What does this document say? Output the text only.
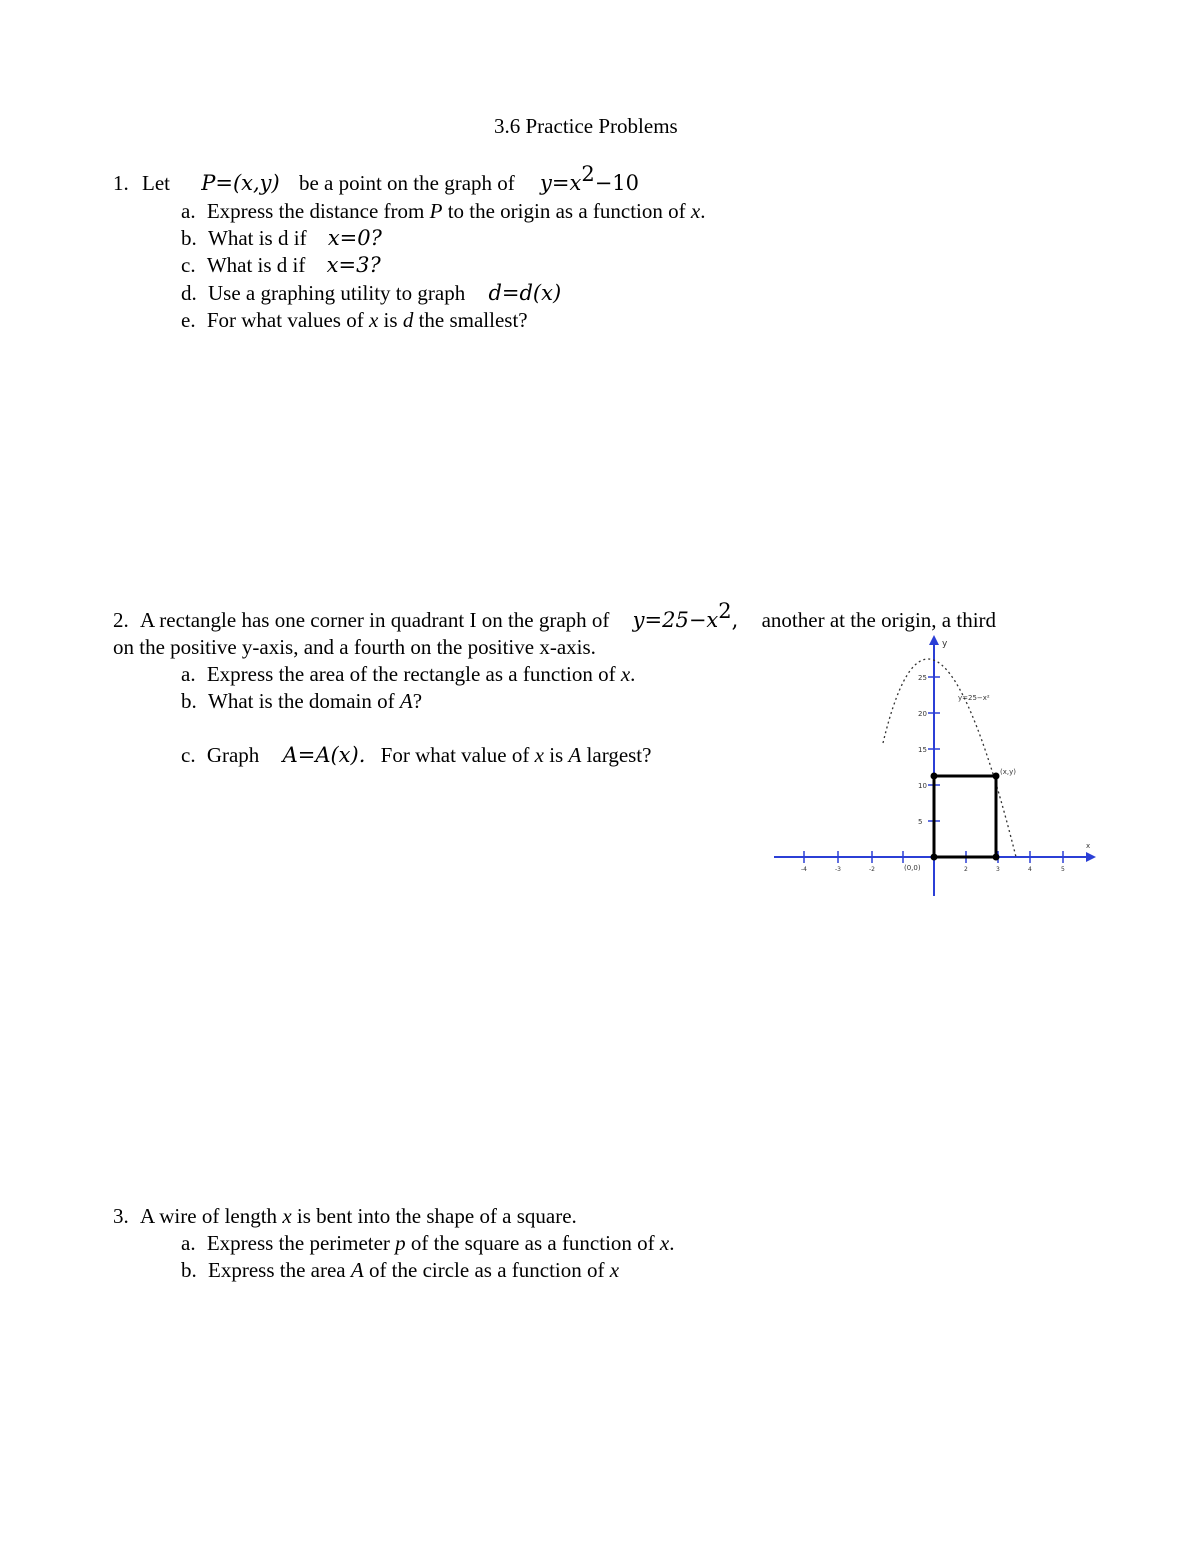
3.6 Practice Problems
1. Let P=(x,y) be a point on the graph of $y=x^2-10$
a. Express the distance from P to the origin as a function of x.
b. What is d if x=0?
c. What is d if x=3?
d. Use a graphing utility to graph d=d(x)
e. For what values of x is d the smallest?
2. A rectangle has one corner in quadrant I on the graph of $y=25-x^2$, another at the origin, a third
on the positive y-axis, and a fourth on the positive x-axis.
a. Express the area of the rectangle as a function of x.
b. What is the domain of A?
c. Graph A=A(x). For what value of x is A largest?
y
x
y=25−x²
(x,y)
(0,0)
5
10
15
20
25
-4	-3	-2	2	3	4	5
3. A wire of length x is bent into the shape of a square.
a. Express the perimeter p of the square as a function of x.
b. Express the area A of the circle as a function of x
